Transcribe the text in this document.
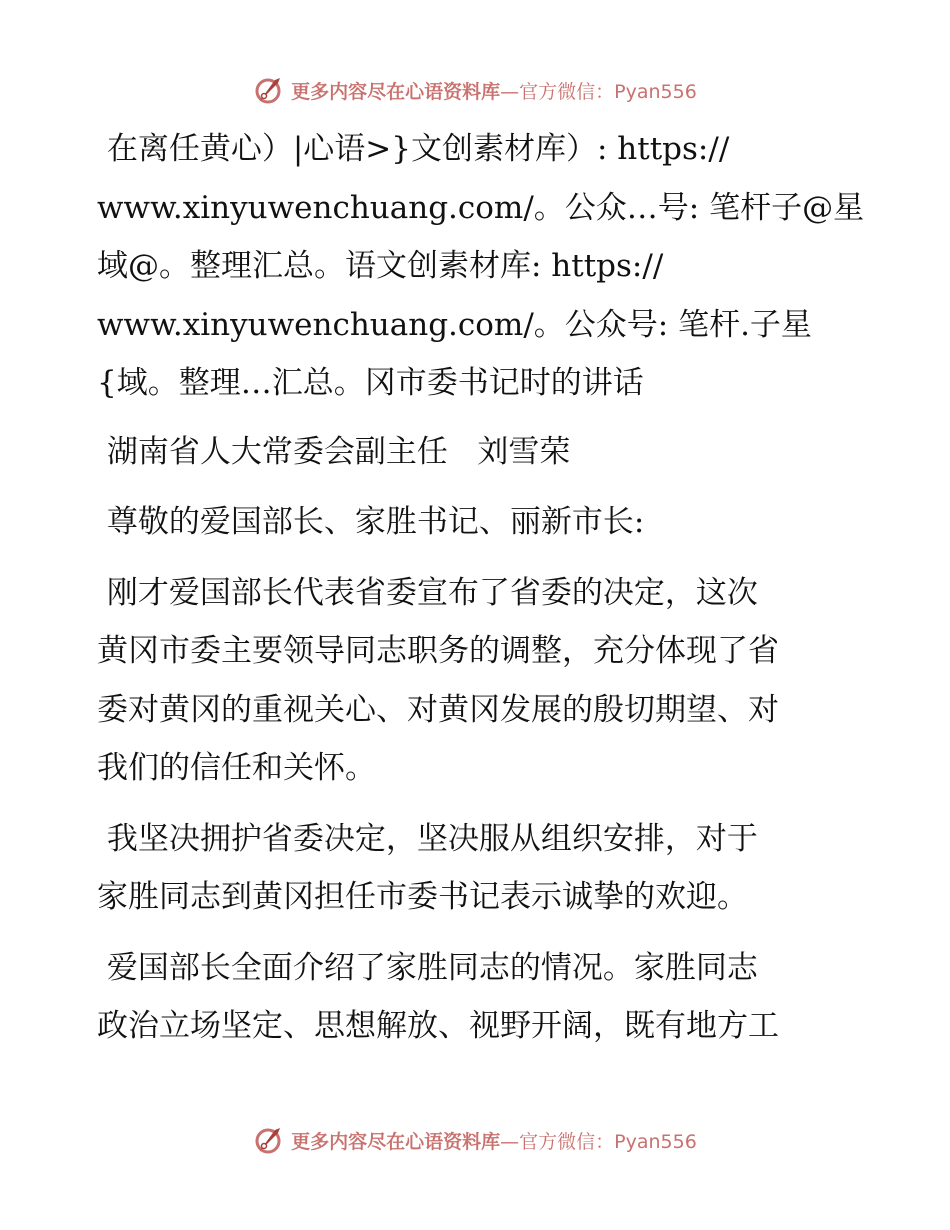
更多内容尽在心语资料库—官方微信：Pyan556
在离任黄心）|心语>}文创素材库）: https://
www.xinyuwenchuang.com/。公众…号: 笔杆子@星
域@。整理汇总。语文创素材库: https://
www.xinyuwenchuang.com/。公众号: 笔杆.子星
{域。整理…汇总。冈市委书记时的讲话
湖南省人大常委会副主任   刘雪荣
尊敬的爱国部长、家胜书记、丽新市长:
刚才爱国部长代表省委宣布了省委的决定，这次
黄冈市委主要领导同志职务的调整，充分体现了省
委对黄冈的重视关心、对黄冈发展的殷切期望、对
我们的信任和关怀。
我坚决拥护省委决定，坚决服从组织安排，对于
家胜同志到黄冈担任市委书记表示诚挚的欢迎。
爱国部长全面介绍了家胜同志的情况。家胜同志
政治立场坚定、思想解放、视野开阔，既有地方工
更多内容尽在心语资料库—官方微信：Pyan556
